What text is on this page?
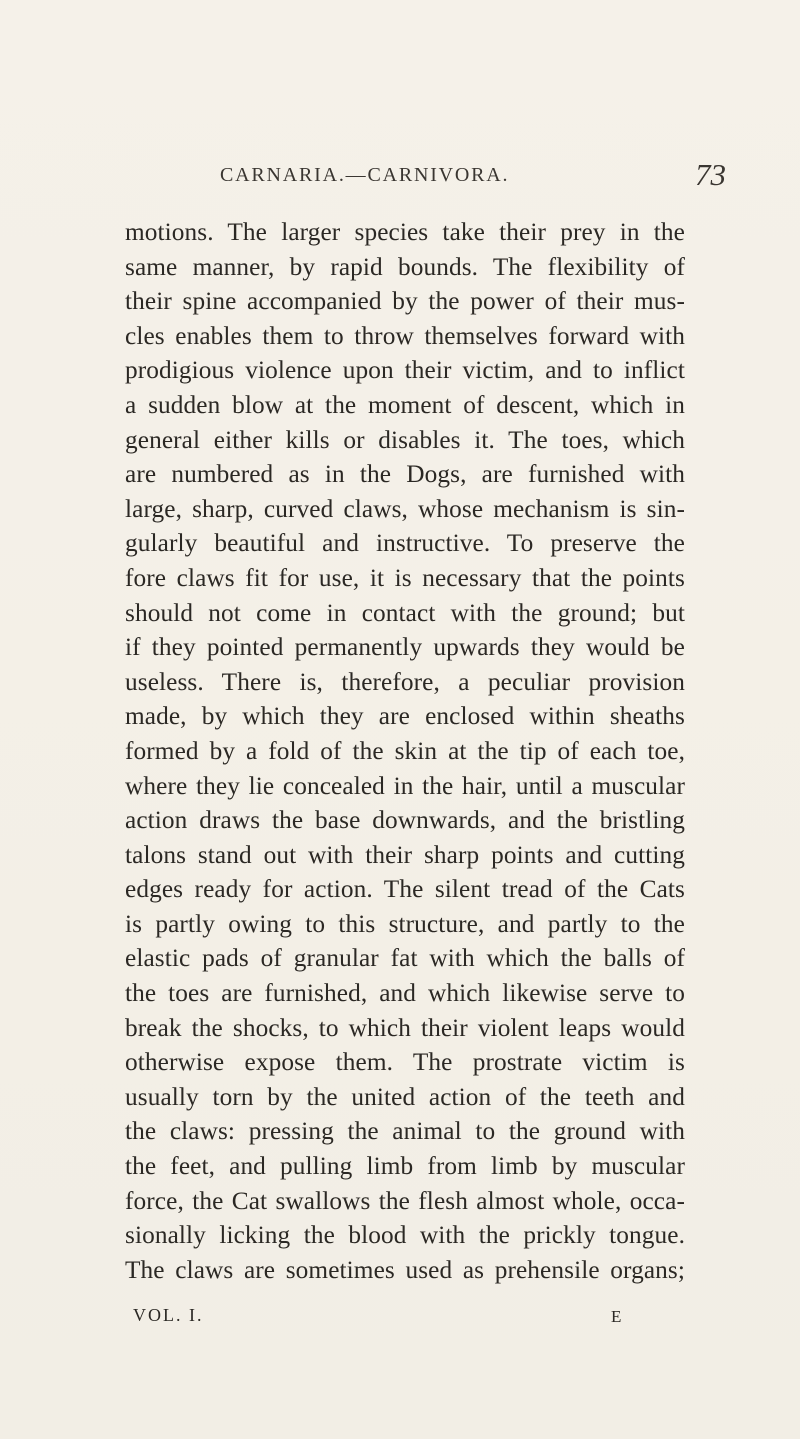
CARNARIA.—CARNIVORA.	73
motions. The larger species take their prey in the
same manner, by rapid bounds. The flexibility of
their spine accompanied by the power of their mus-
cles enables them to throw themselves forward with
prodigious violence upon their victim, and to inflict
a sudden blow at the moment of descent, which in
general either kills or disables it. The toes, which
are numbered as in the Dogs, are furnished with
large, sharp, curved claws, whose mechanism is sin-
gularly beautiful and instructive. To preserve the
fore claws fit for use, it is necessary that the points
should not come in contact with the ground; but
if they pointed permanently upwards they would be
useless. There is, therefore, a peculiar provision
made, by which they are enclosed within sheaths
formed by a fold of the skin at the tip of each toe,
where they lie concealed in the hair, until a muscular
action draws the base downwards, and the bristling
talons stand out with their sharp points and cutting
edges ready for action. The silent tread of the Cats
is partly owing to this structure, and partly to the
elastic pads of granular fat with which the balls of
the toes are furnished, and which likewise serve to
break the shocks, to which their violent leaps would
otherwise expose them. The prostrate victim is
usually torn by the united action of the teeth and
the claws: pressing the animal to the ground with
the feet, and pulling limb from limb by muscular
force, the Cat swallows the flesh almost whole, occa-
sionally licking the blood with the prickly tongue.
The claws are sometimes used as prehensile organs;
VOL. I.	E
